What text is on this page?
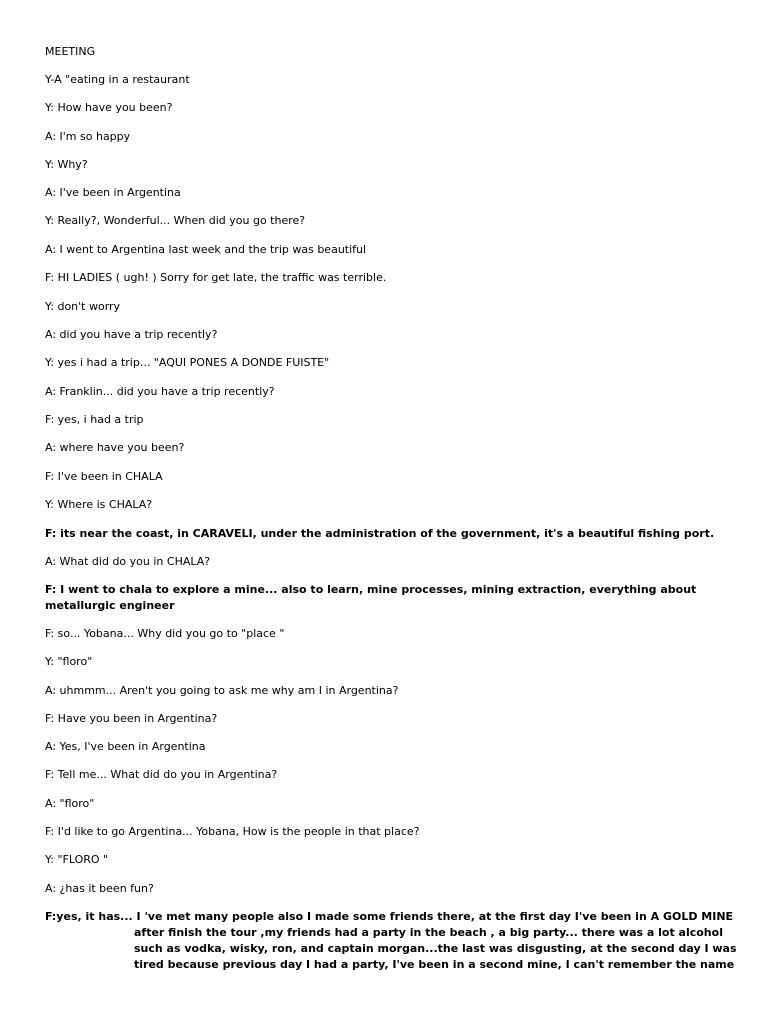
MEETING
Y-A "eating in a restaurant
Y: How have you been?
A: I'm so happy
Y: Why?
A: I've been in Argentina
Y: Really?, Wonderful... When did you go there?
A: I went to Argentina last week and the trip was beautiful
F: HI LADIES ( ugh! ) Sorry for get late, the traffic was terrible.
Y: don't worry
A: did you have a trip recently?
Y: yes i had a trip... "AQUI PONES A DONDE FUISTE"
A: Franklin... did you have a trip recently?
F: yes, i had a trip
A: where have you been?
F: I've been in CHALA
Y: Where is CHALA?
F: its near the coast, in CARAVELI, under the administration of the government, it's a beautiful fishing port.
A: What did do you in CHALA?
F: I went to chala to explore a mine... also to learn, mine processes, mining extraction, everything about
metallurgic engineer
F: so... Yobana... Why did you go to "place "
Y: "floro"
A: uhmmm... Aren't you going to ask me why am I in Argentina?
F: Have you been in Argentina?
A: Yes, I've been in Argentina
F: Tell me... What did do you in Argentina?
A: "floro"
F: I'd like to go Argentina... Yobana, How is the people in that place?
Y: "FLORO "
A: ¿has it been fun?
F:yes, it has... I 've met many people also I made some friends there, at the first day I've been in A GOLD MINE
after finish the tour ,my friends had a party in the beach , a big party... there was a lot alcohol
such as vodka, wisky, ron, and captain morgan...the last was disgusting, at the second day I was
tired because previous day I had a party, I've been in a second mine, I can't remember the name
